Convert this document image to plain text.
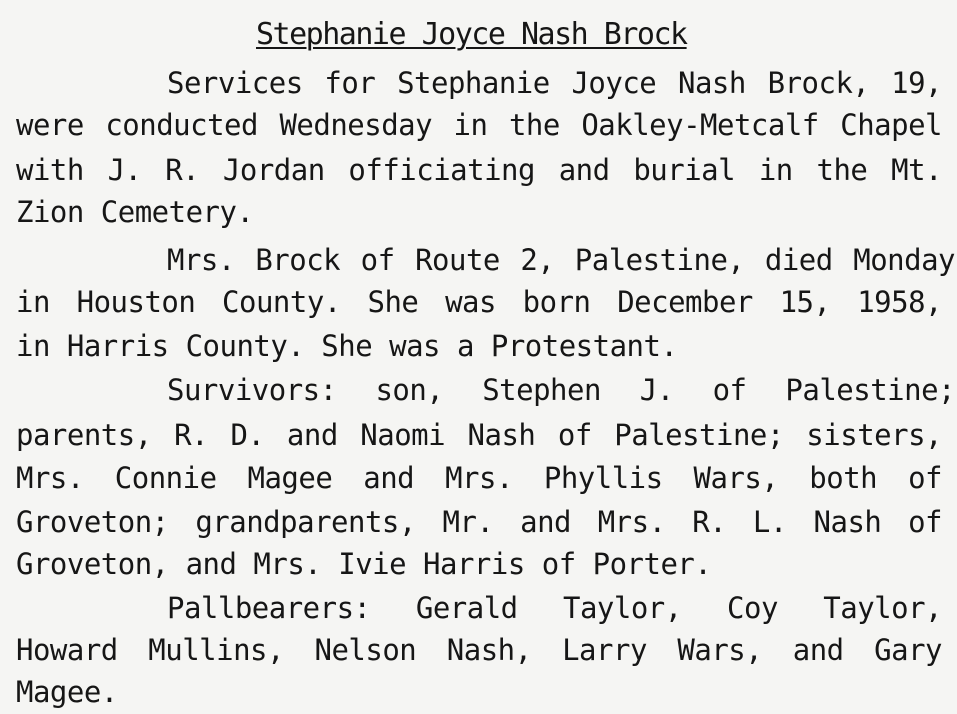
Stephanie Joyce Nash Brock
Services for Stephanie Joyce Nash Brock, 19,
were conducted Wednesday in the Oakley-Metcalf Chapel
with J. R. Jordan officiating and burial in the Mt.
Zion Cemetery.
Mrs. Brock of Route 2, Palestine, died Monday
in Houston County. She was born December 15, 1958,
in Harris County. She was a Protestant.
Survivors: son, Stephen J. of Palestine;
parents, R. D. and Naomi Nash of Palestine; sisters,
Mrs. Connie Magee and Mrs. Phyllis Wars, both of
Groveton; grandparents, Mr. and Mrs. R. L. Nash of
Groveton, and Mrs. Ivie Harris of Porter.
Pallbearers: Gerald Taylor, Coy Taylor,
Howard Mullins, Nelson Nash, Larry Wars, and Gary
Magee.
